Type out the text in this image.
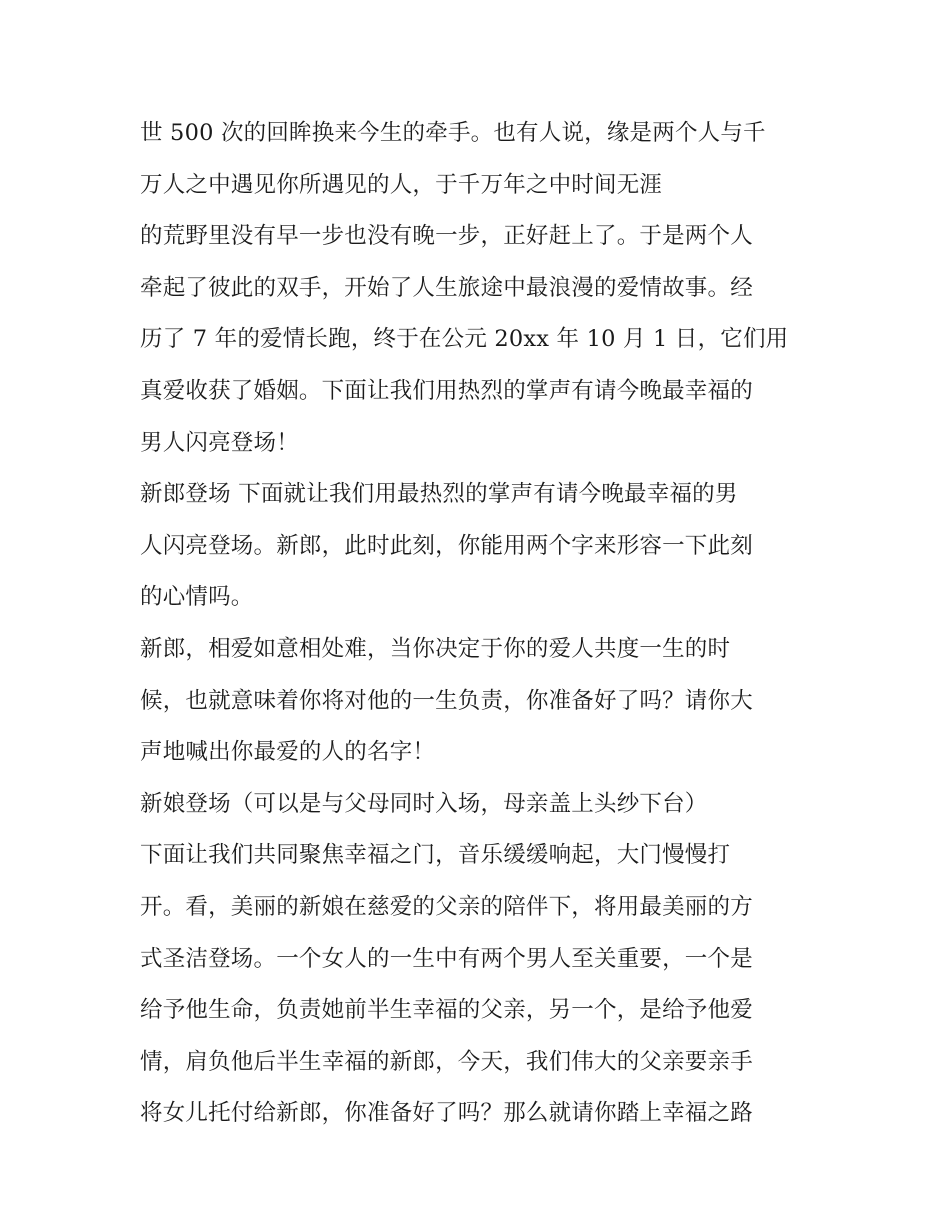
世 500 次的回眸换来今生的牵手。也有人说，缘是两个人与千
万人之中遇见你所遇见的人，于千万年之中时间无涯
的荒野里没有早一步也没有晚一步，正好赶上了。于是两个人
牵起了彼此的双手，开始了人生旅途中最浪漫的爱情故事。经
历了 7 年的爱情长跑，终于在公元 20xx 年 10 月 1 日，它们用
真爱收获了婚姻。下面让我们用热烈的掌声有请今晚最幸福的
男人闪亮登场！
新郎登场 下面就让我们用最热烈的掌声有请今晚最幸福的男
人闪亮登场。新郎，此时此刻，你能用两个字来形容一下此刻
的心情吗。
新郎，相爱如意相处难，当你决定于你的爱人共度一生的时
候，也就意味着你将对他的一生负责，你准备好了吗？请你大
声地喊出你最爱的人的名字！
新娘登场（可以是与父母同时入场，母亲盖上头纱下台）
下面让我们共同聚焦幸福之门，音乐缓缓响起，大门慢慢打
开。看，美丽的新娘在慈爱的父亲的陪伴下，将用最美丽的方
式圣洁登场。一个女人的一生中有两个男人至关重要，一个是
给予他生命，负责她前半生幸福的父亲，另一个，是给予他爱
情，肩负他后半生幸福的新郎，今天，我们伟大的父亲要亲手
将女儿托付给新郎，你准备好了吗？那么就请你踏上幸福之路
